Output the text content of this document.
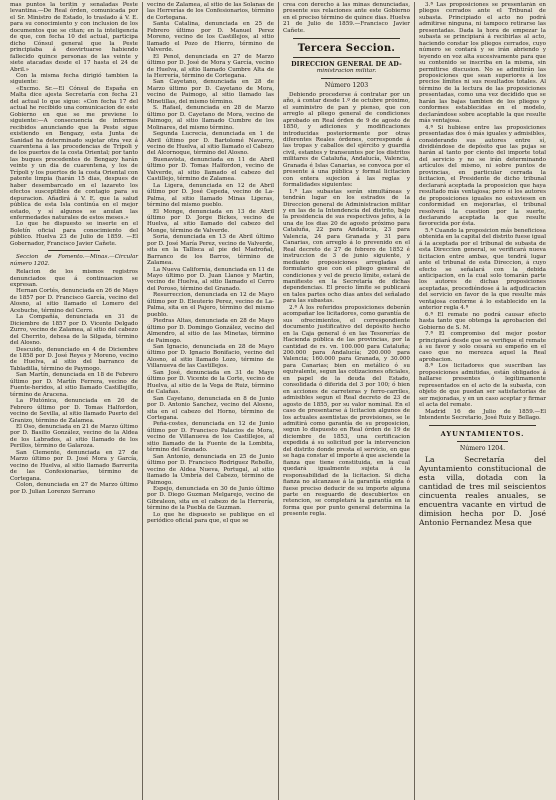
mas puntos la teritin y senaladas Peste levantina.—De Real órden, comunicada por el Sr. Ministro de Estado, lo traslado á V. E. para su conocimiento y con inclusion de los documentos que se citan; en la inteligencia de que, con fecha 10 del actual, participa dicho Cónsul general que la Peste principiaba á desvirtuarse habiendo fallecido quince personas de las veinte y siete atacadas desde el 17 hasta el 24 de Abril.»

Con la misma fecha dirigió tambien la siguiente:

«Excmo. Sr.—El Cónsul de España en Malta dice ajesta Secretaría con fecha 21 del actual lo que sigue: «Con fecha 17 del actual he recibido una comunicacion de este Gobierno en que se me previene lo siguiente:—A consecuencia de informes recibidos anunciando que la Peste sigue existiendo en Bengazy, esta Junta de Sanidad ha determinado sujetar otra vez á cuarentena á las procedencias de Trípoli y de los puertos de la costa Oriental; por tanto las buques procedentes de Bengazy harán veinte y un dia de cuarentena, y los de Trípoli y los puertos de la costa Oriental con patente limpia (harán 15 dias, despues de haber desembarcado en el lazareto los efectos susceptibles de contagio para su depuracion. Añadirá á V. E. que la salud pública de esta Isla continúa en el mejor estado, y sí algunos se anulan las enfermedades naturales de estos meses.»

Lo que he dispuesto se inserte en el Boletín oficial para conocimiento del público. Huelva 23 de Julio de 1859. —El Gobernador, Francisco Javier Cañete.

Seccion de Fomento.—Minas.—Circular número 1202.

Relacion de los mismos registros denunciados que á continuacion se expresan.

Hernan Cortés, denunciada en 26 de Mayo de 1857 por D. Francisco García, vecino del Alosno, al sitio llamado el Lomero del Acebuche, término del Cerro.

La Compañía, denunciada en 31 de Diciembre de 1857 por D. Vicente Delgado Zurro, vecino de Zalamea, al sitio del cabezo del Cherrito, dehesa de la Silgada, término del Alosno.

Descuido, denunciado en 4 de Diciembre de 1858 por D. José Reyes y Moreno, vecino de Huelva, al sitio del barranco de Tabladilla, término de Paymogo.

San Martín, denunciada en 18 de Febrero último por D. Martín Ferrera, vecino de Fuente-heridos, al sitio llamado Castillejillo, término de Aracena.

La Plutónica, denunciada en 26 de Febrero último por D. Tomas Halfordon, vecino de Sevilla, al sitio llamado Puerto del Granizo, término de Zalamea.

El Oso, denunciada en 21 de Marzo último por D. Basilio González, vecino de la Aldea de los Labrados, al sitio llamado de los Perillos, término de Galaroza.

San Clemente, denunciada en 27 de Marzo último por D. José Mora y García, vecino de Huelva, al sitio llamado Barrerita de las Confesionarias, término de Cortegana.

Colon, denunciada en 27 de Marzo último por D. Julian Lorenzo Serrano

vecino de Zalamea, al sitio de las Solanas de las Herrerías de los Confesionarios, término de Cortegana.

Santa Catalina, denunciada en 25 de Febrero último por D. Manuel Perez Moreno, vecino de los Castillejos, al sitio llamado el Pozo de Hierro, término de Valverde.

El Penol, denunciada en 27 de Marzo último por D. José de Mora y García, vecino de Huelva, al sitio llamado Cumbre Alta de la Herrería, término de Cortegana.

San Cayetano, denunciada en 28 de Marzo último por D. Cayetano de Mora, vecino de Paimogo, al sitio llamado las Minetillas, del mismo término.

S. Rafael, denunciada en 28 de Marzo último por D. Cayetano de Mora, vecino de Paimogo, al sitio llamado Cumbre de los Molinares, del mismo término.

Segunda Lucrecia, denunciada en 1 de Abril último por D. Bartolomé Navarro, vecino de Huelva, al sitio llamado el Cabezo del Alcornoque, término del Alosno.

Buenavista, denunciada en 11 de Abril último por D. Tomas Halfordon, vecino de Valverde, al sitio llamado el cabezo del Castillejo, término de Zalamea.

La Ligera, denunciada en 12 de Abril último por D. José Cepeda, vecino de La-Palma, al sitio llamado Minas Ligeras, término del mismo pueblo.

El Monge, denunciada en 13 de Abril último por D. Jorge Bickes, vecino de Huelva, al sitio llamado del cabezo del Monge, término de Valverde.

Soria, denunciada en 13 de Abril último por D. José María Perez, vecino de Valverde, sita en la Tallisca al pie del Madroñal, Barranco de los Barros, término de Zalamea.

La Nueva California, denunciada en 11 de Mayo último por D. Juan Llanos y Martin, vecino de Huelva, al sitio llamado el Cerro del Poroso, término del Granado.

Resurreccion, denunciada en 12 de Mayo último por D. Eleuterio Perez, vecino de La-Palma, sita en el Pajero, término del mismo pueblo.

Piedras Altas, denunciada en 28 de Mayo último por D. Domingo González, vecino del Almendro, al sitio de las Minetas, término de Paimogo.

San Ignacio, denunciada en 28 de Mayo último por D. Ignacio Bonifacio, vecino del Alosno, al sitio llamado Lozo, término de Villanueva de las Castillejos.

San José, denunciada en 31 de Mayo último por D. Vicente de la Corte, vecino de Huelva, al sitio de la Vega de Ruiz, término de Calañas.

San Cayetano, denunciada en 8 de Junio por D. Antonio Sanchez, vecino del Alosno, sita en el cabezo del Horno, término de Cortegana.

Peña-costes, denunciada en 12 de Junio último por D. Francisco Palacios de Mora, vecino de Villanueva de los Castillejos, al sitio llamado de la Fuente de la Lombita, término del Granado.

San Antonio, denunciada en 25 de Junio último por D. Francisco Rodriguez Rebollo, vecino de Aldea Nueva, Portugal, al sitio llamado la Umbría del Cabezo, término de Paimogo.

Espejo, denunciada en 30 de Junio último por D. Diego Guzman Melgarejo, vecino de Gibraleon, sita en el cabezo de la Herrería, término de la Puebla de Guzman.

Lo que he dispuesto se publique en el periódico oficial para que, el que se

crea con derecho á las minas denunciadas, presente sus relaciones ante este Gobierno en el preciso término de quince dias. Huelva 21 de Julio de 1859.—Francisco Javier Cañete.

Tercera Seccion.
DIRECCION GENERAL DE AD-
ministracion militar.
Número 1203

Debiendo procederse á contratar por un año, á contar desde 1.º de octubre próximo, el suministro de pan y pienso, que con arreglo al pliego general de condiciones aprobado en Real órden de 9 de agosto de 1850, y adiciones y modificaciones introducidas posteriormente por otras diferentes Reales órdenes, corresponde á las tropas y caballos del ejército y guardia civil, estantes y transeuntes por los distritos militares de Cataluña, Andalucía, Valencia, Granada é Islas Canarias, se convoca por el presente á una pública y formal licitacion con entera sujecion á las reglas y formalidades siguientes:

1.ª Las subastas serán simultáneas y tendrán lugar en los estrados de la Direccion general de Administracion militar y en las de la Intendencia del distrito, bajo la presidencia de sus respectivos jefes, á la una de los dias 20 de agosto próximo para Cataluña, 22 para Andalucía, 23 para Valencia, 24 para Granada y 31 para Canarias, con arreglo á lo prevenido en el Real decreto de 27 de febrero de 1852 é instruccion de 3 de junio siguiente, y mediante proposiciones arregladas al formulario que con el pliego general de condiciones y vel de precio límite, estará de manifiesto en la Secretaría de dichas dependencias. El precio límite se publicará en tales partes ocho dias antes del señalado para las subastas.

2.ª Á los referidos proposiciones deberán acompañar los licitadores, como garantía de sus ofrecimientos, el correspondiente documento justificativo del depósito hecho en la Caja general ó en las Tesorerías de Hacienda pública de las provincias, por la cantidad de rs. vn. 100.000 para Cataluña; 200.000 para Andalucía; 200.000 para Valencia; 160.000 para Granada, y 30.000 para Canarias; bien en metálico ó su equivalente, segun las cotizaciones oficiales, en papel de la deuda del Estado, consolidada ó diferida del 3 por 100; ó bien en acciones de carreteras y ferro-carriles, admisibles segun el Real decreto de 23 de agosto de 1855, por su valor nominal. En el caso de presentarse á licitacion algunos de los actuales asentistas de provisiones, se le admitirá como garantía de su proposicion, segun lo dispuesto en Real órden de 19 de diciembre de 1853, una certificacion expedida á su solicitud por la intervencion del distrito donde presta el servicio, en que se haga constar el importe á que asciende la fianza que tiene constituida, en la cual quedará igualmente sujeta á la responsabilidad de la licitacion. Si dicha fianza no alcanzase á la garantía exigida ó fuese preciso deducir de su importe alguna parte en resguardo de descubiertos en retencion, se completará la garantía en la forma que por punto general determina la presente regla.

3.ª Las proposiciones se presentarán en pliegos cerrados ante el Tribunal de subasta. Principiado el acto no podrá admitirse ninguna, ni tampoco retirarse las presentadas. Dada la hora de empezar la subasta se principiará á recibirlas al acto, haciendo constar los pliegos cerrados, cuyo número se contará y se irán abriendo y leyendo en voz alta sucesivamente para que su contenido se inscriba en la misma, sin permitirse discusion. No se admitirán las proposiciones que sean superiores á los precios límites ni sus resultados totales. Al término de la lectura de las proposiciones presentadas, como una vez decidido que se harán las bajas tambien de los pliegos y conformes establecidas en el modelo, declarándose sobre aceptable la que resulte más ventajosa.

4.ª Si hubiese entre las proposiciones presentadas dos ó más iguales y admisibles, considerando sus autores entre sí, dividiéndose de depósito que las pujas se harán al tanto por ciento del importe total del servicio y no se irán determinando artículos del mismo, ni sobre puntos de provincias, en particular cerrada la licitacion, el Presidente de dicho tribunal declarará aceptada la proposicion que haya resultado más ventajosa; pero si los autores de proposiciones iguales no estuviesen en conformidad en mejorarlas, el tribunal resolverá la cuestion por la suerte, declarando aceptada la que resulte favorecida por ésta.

5.ª Cuando la proposicion más beneficiosa obtenida en la capital del distrito fuese igual á la aceptada por el tribunal de subasta de esta Direccion general, se verificará nueva licitacion entre ambas, que tendrá lugar ante el tribunal de esta Direccion, á cuyo efecto se señalará con la debida anticipacion, en la cual solo tomarán parte los autores de dichas proposiciones aceptadas, procediéndose á la adjudicacion del servicio en favor de la que resulte más ventajosa conforme á lo establecido en la anterior regla 4.ª

6.ª El remate no podrá causar efecto hasta tanto que obtenga la aprobacion del Gobierno de S. M.

7.ª El compromiso del mejor postor principiará desde que se verifique el remate á su favor y solo cesará su empeño en el caso que no merezca aquel la Real aprobacion.

8.ª Los licitadores que suscriban las proposiciones admitidas, están obligados á hallarse presentes ó legítimamente representados en el acto de la subasta, con objeto de que puedan ser satisfactorias de ser mejoradas, y en un caso aceptar y firmar el acta del remate.

Madrid 16 de Julio de 1859.—El Intendente Secretario, José Ruiz y Bellago.

AYUNTAMIENTOS.
Número 1204.

La Secretaría del Ayuntamiento constitucional de esta villa, dotada con la cantidad de tres mil seiscientos cincuenta reales anuales, se encuentra vacante en virtud de dimision hecha por D. José Antonio Fernandez Mesa que
